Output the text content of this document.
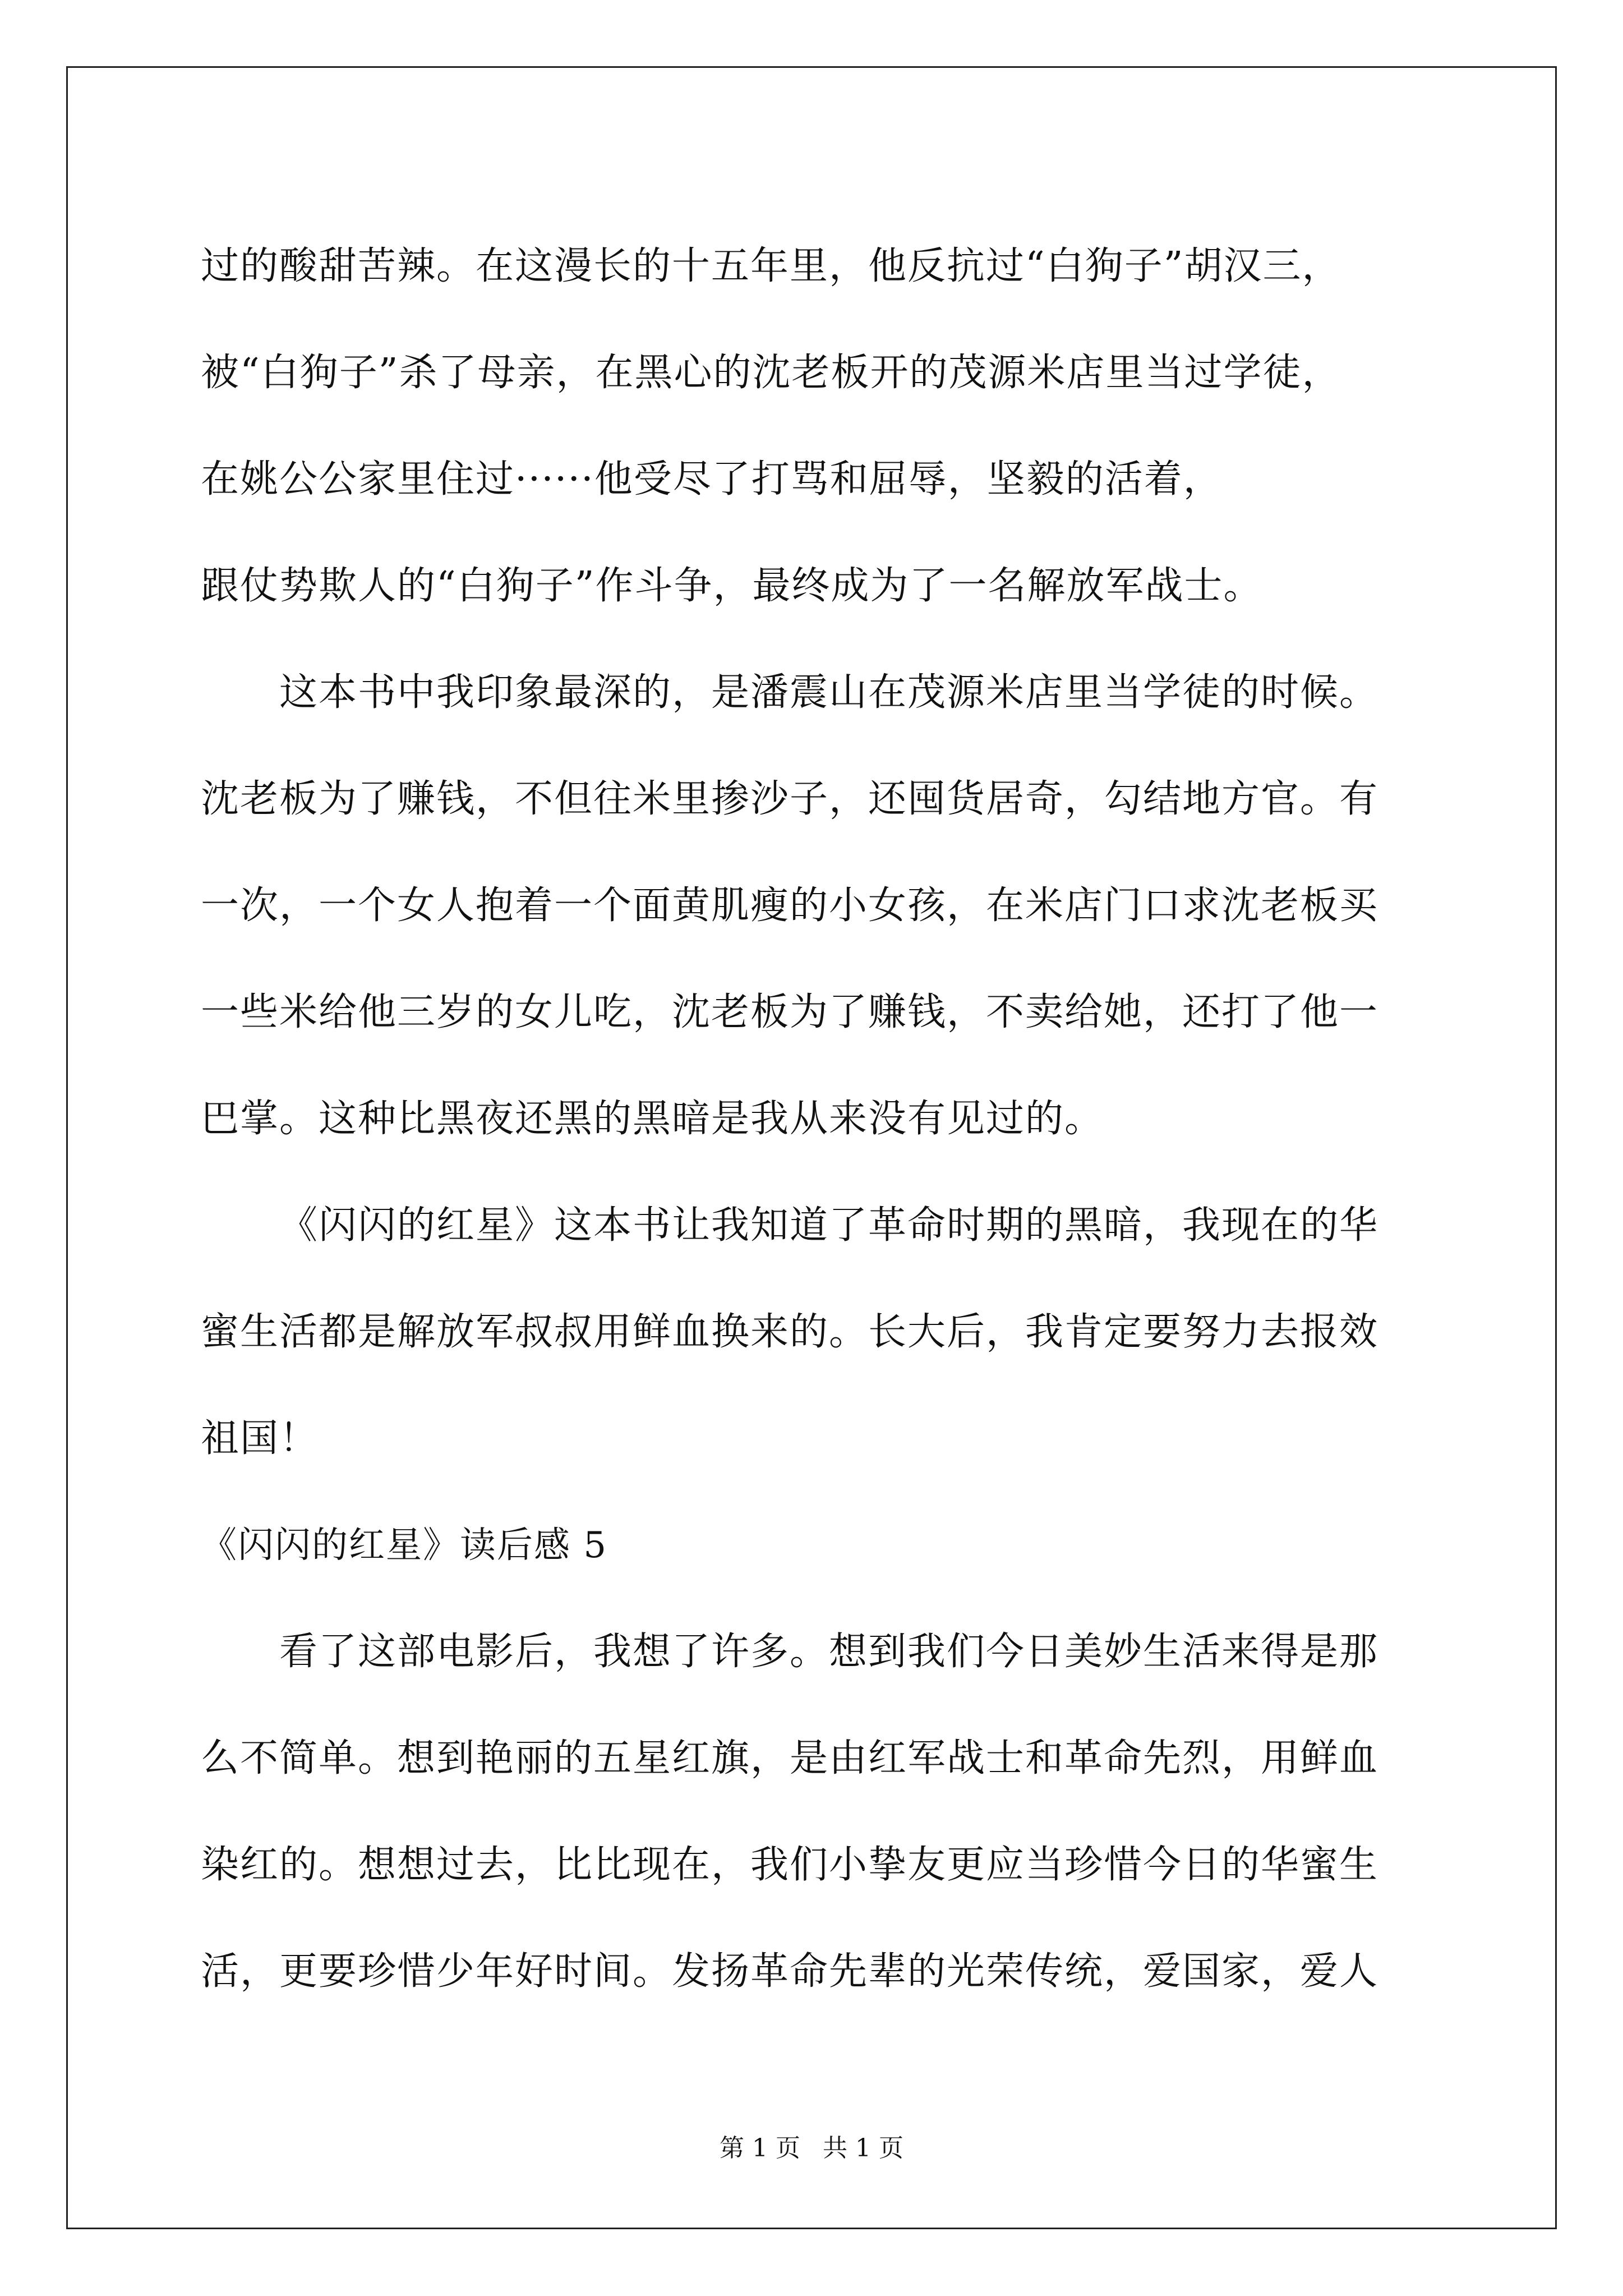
过的酸甜苦辣。在这漫长的十五年里，他反抗过“白狗子”胡汉三，
被“白狗子”杀了母亲，在黑心的沈老板开的茂源米店里当过学徒，
在姚公公家里住过······他受尽了打骂和屈辱，坚毅的活着，
跟仗势欺人的“白狗子”作斗争，最终成为了一名解放军战士。
这本书中我印象最深的，是潘震山在茂源米店里当学徒的时候。
沈老板为了赚钱，不但往米里掺沙子，还囤货居奇，勾结地方官。有
一次，一个女人抱着一个面黄肌瘦的小女孩，在米店门口求沈老板买
一些米给他三岁的女儿吃，沈老板为了赚钱，不卖给她，还打了他一
巴掌。这种比黑夜还黑的黑暗是我从来没有见过的。
《闪闪的红星》这本书让我知道了革命时期的黑暗，我现在的华
蜜生活都是解放军叔叔用鲜血换来的。长大后，我肯定要努力去报效
祖国！
《闪闪的红星》读后感 5
看了这部电影后，我想了许多。想到我们今日美妙生活来得是那
么不简单。想到艳丽的五星红旗，是由红军战士和革命先烈，用鲜血
染红的。想想过去，比比现在，我们小挚友更应当珍惜今日的华蜜生
活，更要珍惜少年好时间。发扬革命先辈的光荣传统，爱国家，爱人
第 1 页 共 1 页
